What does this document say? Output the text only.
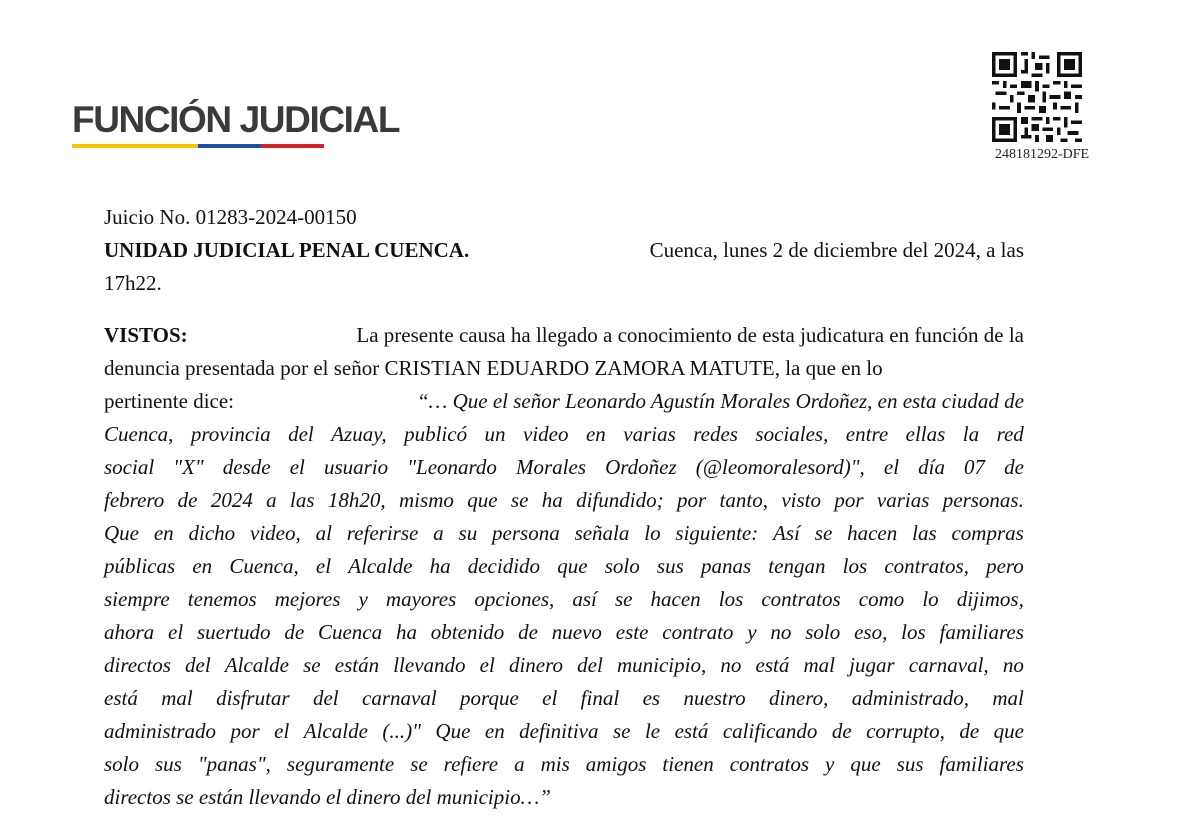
FUNCIÓN JUDICIAL
248181292-DFE
Juicio No. 01283-2024-00150
UNIDAD JUDICIAL PENAL CUENCA.	Cuenca, lunes 2 de diciembre del 2024, a las
17h22.
VISTOS:	La presente causa ha llegado a conocimiento de esta judicatura en función de la
denuncia presentada por el señor CRISTIAN EDUARDO ZAMORA MATUTE, la que en lo
pertinente dice:	“… Que el señor Leonardo Agustín Morales Ordoñez, en esta ciudad de
Cuenca, provincia del Azuay, publicó un video en varias redes sociales, entre ellas la red
social "X" desde el usuario "Leonardo Morales Ordoñez (@leomoralesord)", el día 07 de
febrero de 2024 a las 18h20, mismo que se ha difundido; por tanto, visto por varias personas.
Que en dicho video, al referirse a su persona señala lo siguiente: Así se hacen las compras
públicas en Cuenca, el Alcalde ha decidido que solo sus panas tengan los contratos, pero
siempre tenemos mejores y mayores opciones, así se hacen los contratos como lo dijimos,
ahora el suertudo de Cuenca ha obtenido de nuevo este contrato y no solo eso, los familiares
directos del Alcalde se están llevando el dinero del municipio, no está mal jugar carnaval, no
está mal disfrutar del carnaval porque el final es nuestro dinero, administrado, mal
administrado por el Alcalde (...)" Que en definitiva se le está calificando de corrupto, de que
solo sus "panas", seguramente se refiere a mis amigos tienen contratos y que sus familiares
directos se están llevando el dinero del municipio…”
